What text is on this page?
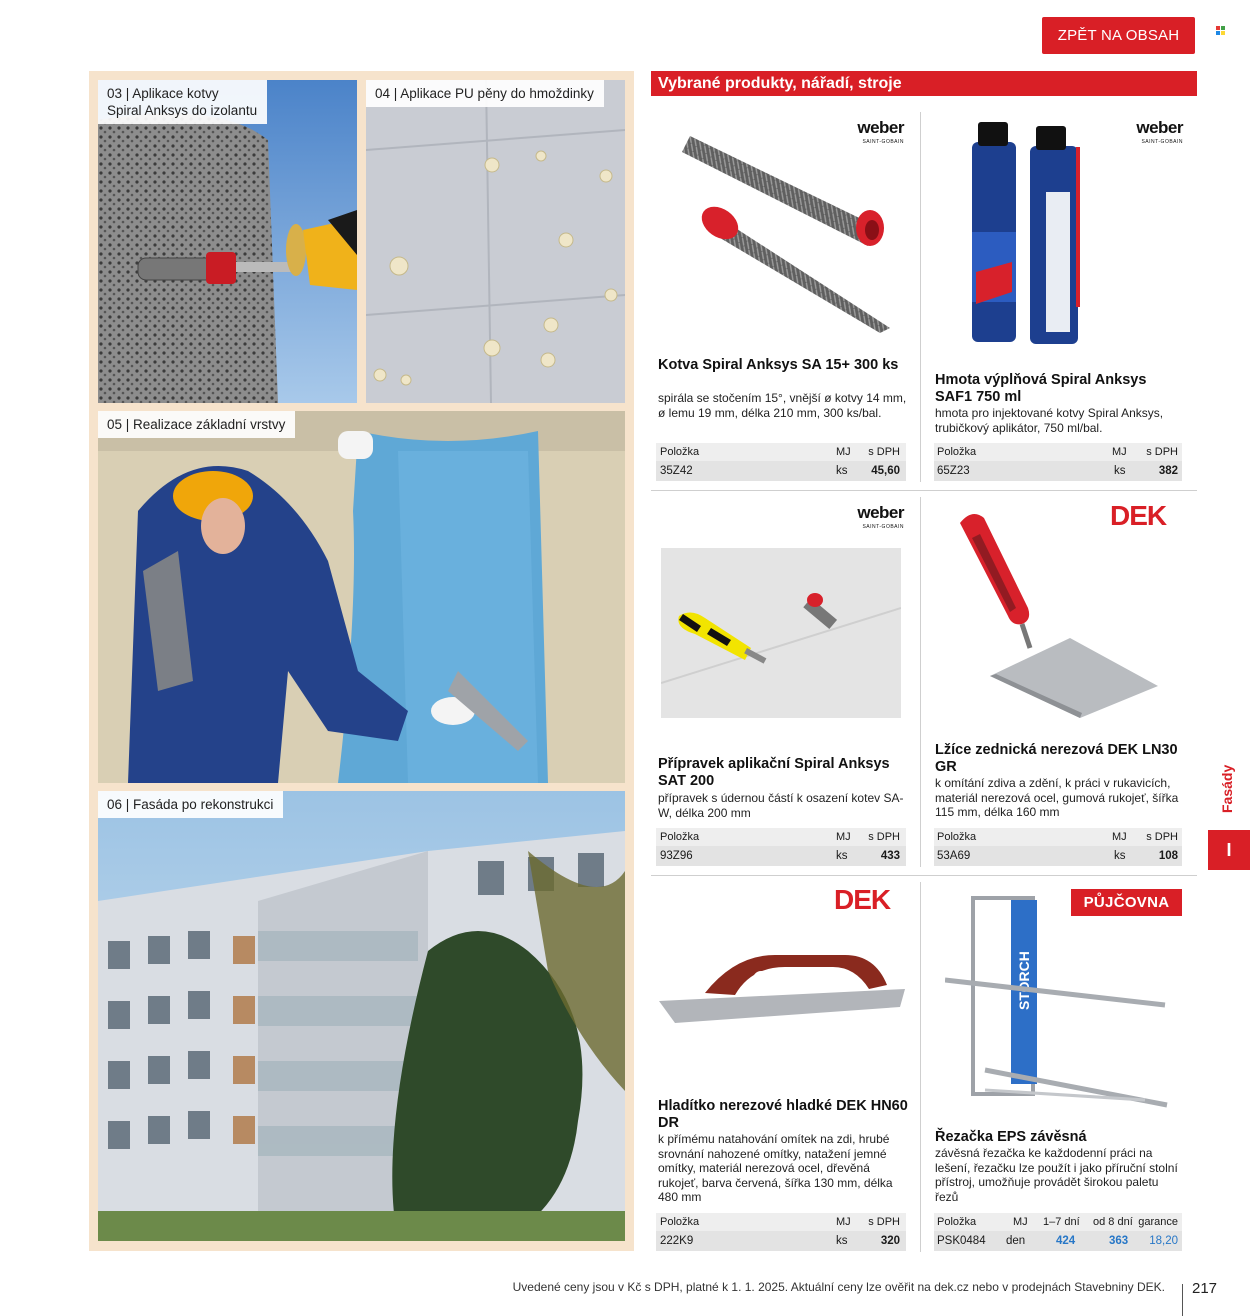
ZPĚT NA OBSAH
03 | Aplikace kotvy
Spiral Anksys do izolantu
04 | Aplikace PU pěny do hmoždinky
05 | Realizace základní vrstvy
06 | Fasáda po rekonstrukci
Vybrané produkty, nářadí, stroje
weber
SAINT-GOBAIN
Kotva Spiral Anksys SA 15+ 300 ks
spirála se stočením 15°, vnější ø kotvy 14 mm, ø lemu 19 mm, délka 210 mm, 300 ks/bal.
Položka	MJ s DPH
35Z42	ks 45,60
weber
SAINT-GOBAIN
Hmota výplňová Spiral Anksys SAF1 750 ml
hmota pro injektované kotvy Spiral Anksys, trubičkový aplikátor, 750 ml/bal.
Položka	MJ s DPH
65Z23	ks	382
weber
SAINT-GOBAIN
Přípravek aplikační Spiral Anksys SAT 200
přípravek s údernou částí k osazení kotev SA-W, délka 200 mm
Položka	MJ s DPH
93Z96	ks	433
DEK
Lžíce zednická nerezová DEK LN30 GR
k omítání zdiva a zdění, k práci v rukavicích, materiál nerezová ocel, gumová rukojeť, šířka 115 mm, délka 160 mm
Položka	MJ s DPH
53A69	ks	108
DEK
Hladítko nerezové hladké DEK HN60 DR
k přímému natahování omítek na zdi, hrubé srovnání nahozené omítky, natažení jemné omítky, materiál nerezová ocel, dřevěná rukojeť, barva červená, šířka 130 mm, délka 480 mm
Položka	MJ s DPH
222K9	ks	320
PŮJČOVNA
STORCH
Řezačka EPS závěsná
závěsná řezačka ke každodenní práci na lešení, řezačku lze použít i jako příruční stolní přístroj, umožňuje provádět širokou paletu řezů
Položka	MJ 1–7 dní od 8 dní garance
PSK0484 den	424	363 18,20
Fasády
I
Uvedené ceny jsou v Kč s DPH, platné k 1. 1. 2025. Aktuální ceny lze ověřit na dek.cz nebo v prodejnách Stavebniny DEK. 217
